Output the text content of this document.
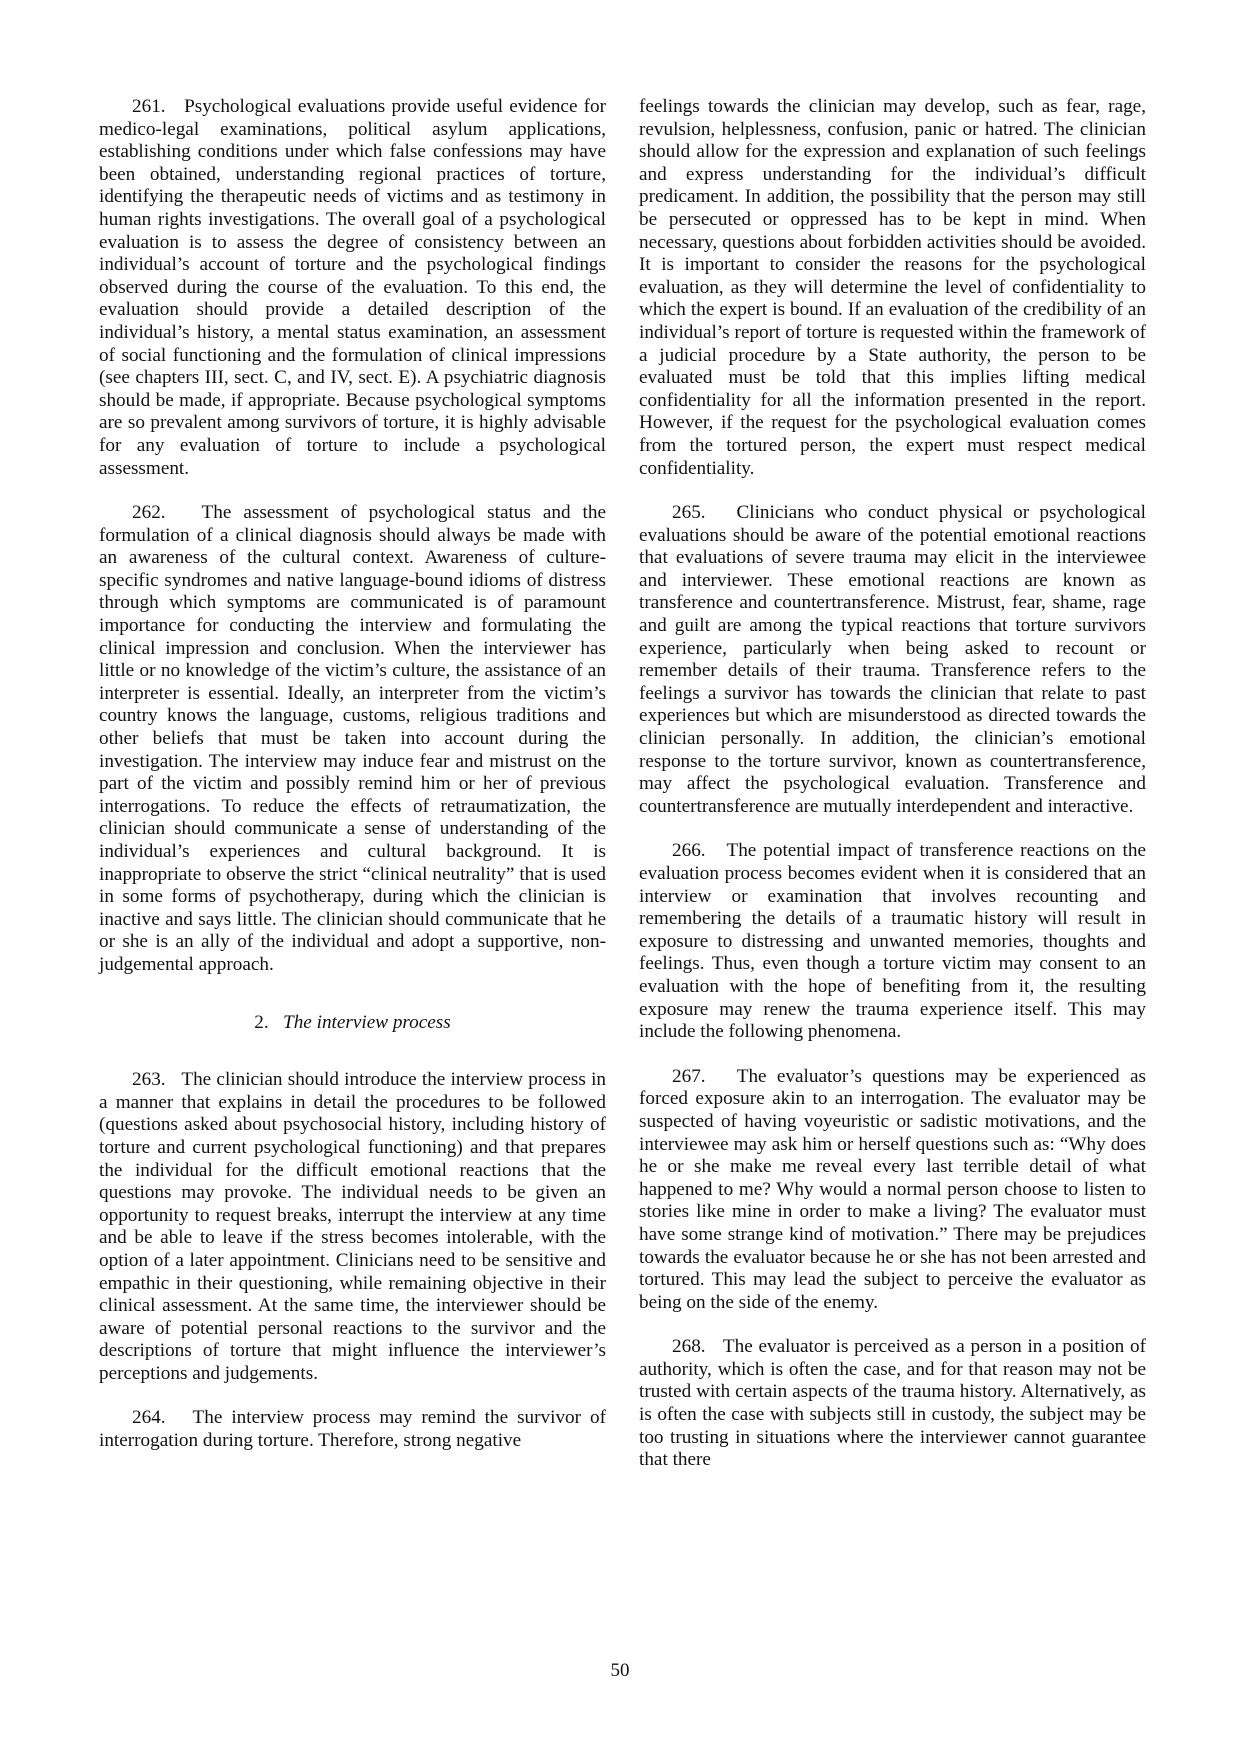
261. Psychological evaluations provide useful evidence for medico-legal examinations, political asylum applications, establishing conditions under which false confessions may have been obtained, understanding regional practices of torture, identifying the therapeutic needs of victims and as testimony in human rights investigations. The overall goal of a psychological evaluation is to assess the degree of consistency between an individual’s account of torture and the psychological findings observed during the course of the evaluation. To this end, the evaluation should provide a detailed description of the individual’s history, a mental status examination, an assessment of social functioning and the formulation of clinical impressions (see chapters III, sect. C, and IV, sect. E). A psychiatric diagnosis should be made, if appropriate. Because psychological symptoms are so prevalent among survivors of torture, it is highly advisable for any evaluation of torture to include a psychological assessment.

262. The assessment of psychological status and the formulation of a clinical diagnosis should always be made with an awareness of the cultural context. Awareness of culture-specific syndromes and native language-bound idioms of distress through which symptoms are communicated is of paramount importance for conducting the interview and formulating the clinical impression and conclusion. When the interviewer has little or no knowledge of the victim’s culture, the assistance of an interpreter is essential. Ideally, an interpreter from the victim’s country knows the language, customs, religious traditions and other beliefs that must be taken into account during the investigation. The interview may induce fear and mistrust on the part of the victim and possibly remind him or her of previous interrogations. To reduce the effects of retraumatization, the clinician should communicate a sense of understanding of the individual’s experiences and cultural background. It is inappropriate to observe the strict “clinical neutrality” that is used in some forms of psychotherapy, during which the clinician is inactive and says little. The clinician should communicate that he or she is an ally of the individual and adopt a supportive, non-judgemental approach.

2. The interview process

263. The clinician should introduce the interview process in a manner that explains in detail the procedures to be followed (questions asked about psychosocial history, including history of torture and current psychological functioning) and that prepares the individual for the difficult emotional reactions that the questions may provoke. The individual needs to be given an opportunity to request breaks, interrupt the interview at any time and be able to leave if the stress becomes intolerable, with the option of a later appointment. Clinicians need to be sensitive and empathic in their questioning, while remaining objective in their clinical assessment. At the same time, the interviewer should be aware of potential personal reactions to the survivor and the descriptions of torture that might influence the interviewer’s perceptions and judgements.

264. The interview process may remind the survivor of interrogation during torture. Therefore, strong negative

feelings towards the clinician may develop, such as fear, rage, revulsion, helplessness, confusion, panic or hatred. The clinician should allow for the expression and explanation of such feelings and express understanding for the individual’s difficult predicament. In addition, the possibility that the person may still be persecuted or oppressed has to be kept in mind. When necessary, questions about forbidden activities should be avoided. It is important to consider the reasons for the psychological evaluation, as they will determine the level of confidentiality to which the expert is bound. If an evaluation of the credibility of an individual’s report of torture is requested within the framework of a judicial procedure by a State authority, the person to be evaluated must be told that this implies lifting medical confidentiality for all the information presented in the report. However, if the request for the psychological evaluation comes from the tortured person, the expert must respect medical confidentiality.

265. Clinicians who conduct physical or psychological evaluations should be aware of the potential emotional reactions that evaluations of severe trauma may elicit in the interviewee and interviewer. These emotional reactions are known as transference and countertransference. Mistrust, fear, shame, rage and guilt are among the typical reactions that torture survivors experience, particularly when being asked to recount or remember details of their trauma. Transference refers to the feelings a survivor has towards the clinician that relate to past experiences but which are misunderstood as directed towards the clinician personally. In addition, the clinician’s emotional response to the torture survivor, known as countertransference, may affect the psychological evaluation. Transference and countertransference are mutually interdependent and interactive.

266. The potential impact of transference reactions on the evaluation process becomes evident when it is considered that an interview or examination that involves recounting and remembering the details of a traumatic history will result in exposure to distressing and unwanted memories, thoughts and feelings. Thus, even though a torture victim may consent to an evaluation with the hope of benefiting from it, the resulting exposure may renew the trauma experience itself. This may include the following phenomena.

267. The evaluator’s questions may be experienced as forced exposure akin to an interrogation. The evaluator may be suspected of having voyeuristic or sadistic motivations, and the interviewee may ask him or herself questions such as: “Why does he or she make me reveal every last terrible detail of what happened to me? Why would a normal person choose to listen to stories like mine in order to make a living? The evaluator must have some strange kind of motivation.” There may be prejudices towards the evaluator because he or she has not been arrested and tortured. This may lead the subject to perceive the evaluator as being on the side of the enemy.

268. The evaluator is perceived as a person in a position of authority, which is often the case, and for that reason may not be trusted with certain aspects of the trauma history. Alternatively, as is often the case with subjects still in custody, the subject may be too trusting in situations where the interviewer cannot guarantee that there

50
